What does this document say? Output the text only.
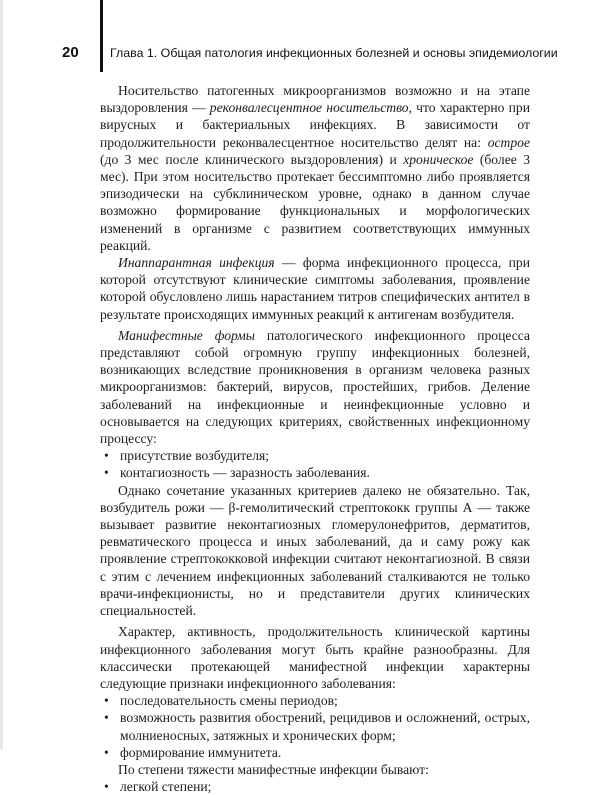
20	Глава 1. Общая патология инфекционных болезней и основы эпидемиологии

Носительство патогенных микроорганизмов возможно и на этапе выздоровления — реконвалесцентное носительство, что характерно при вирусных и бактериальных инфекциях. В зависимости от продолжительности реконвалесцентное носительство делят на: острое (до 3 мес после клинического выздоровления) и хроническое (более 3 мес). При этом носительство протекает бессимптомно либо проявляется эпизодически на субклиническом уровне, однако в данном случае возможно формирование функциональных и морфологических изменений в организме с развитием соответствующих иммунных реакций.

Инаппарантная инфекция — форма инфекционного процесса, при которой отсутствуют клинические симптомы заболевания, проявление которой обусловлено лишь нарастанием титров специфических антител в результате происходящих иммунных реакций к антигенам возбудителя.

Манифестные формы патологического инфекционного процесса представляют собой огромную группу инфекционных болезней, возникающих вследствие проникновения в организм человека разных микроорганизмов: бактерий, вирусов, простейших, грибов. Деление заболеваний на инфекционные и неинфекционные условно и основывается на следующих критериях, свойственных инфекционному процессу:

• присутствие возбудителя;
• контагиозность — заразность заболевания.

Однако сочетание указанных критериев далеко не обязательно. Так, возбудитель рожи — β-гемолитический стрептококк группы А — также вызывает развитие неконтагиозных гломерулонефритов, дерматитов, ревматического процесса и иных заболеваний, да и саму рожу как проявление стрептококковой инфекции считают неконтагиозной. В связи с этим с лечением инфекционных заболеваний сталкиваются не только врачи-инфекционисты, но и представители других клинических специальностей.

Характер, активность, продолжительность клинической картины инфекционного заболевания могут быть крайне разнообразны. Для классически протекающей манифестной инфекции характерны следующие признаки инфекционного заболевания:

• последовательность смены периодов;
• возможность развития обострений, рецидивов и осложнений, острых, молниеносных, затяжных и хронических форм;
• формирование иммунитета.

По степени тяжести манифестные инфекции бывают:

• легкой степени;
